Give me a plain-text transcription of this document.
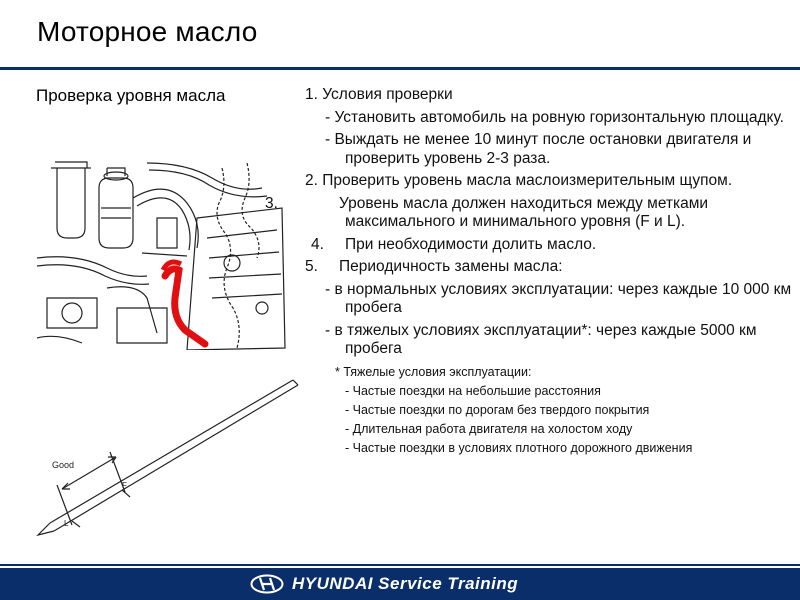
Моторное масло
Проверка уровня масла
Good
F
L

1. Условия проверки

- Установить автомобиль на ровную горизонтальную площадку.

- Выждать не менее 10 минут после остановки двигателя и проверить уровень 2-3 раза.

2. Проверить уровень масла маслоизмерительным щупом.

3.	Уровень масла должен находиться между метками максимального и минимального уровня (F и L).

4. При необходимости долить масло.

5. Периодичность замены масла:

- в нормальных условиях эксплуатации: через каждые 10 000 км пробега

- в тяжелых условиях эксплуатации*: через каждые 5000 км пробега

* Тяжелые условия эксплуатации:

- Частые поездки на небольшие расстояния

- Частые поездки по дорогам без твердого покрытия

- Длительная работа двигателя на холостом ходу

- Частые поездки в условиях плотного дорожного движения

HYUNDAI Service Training
